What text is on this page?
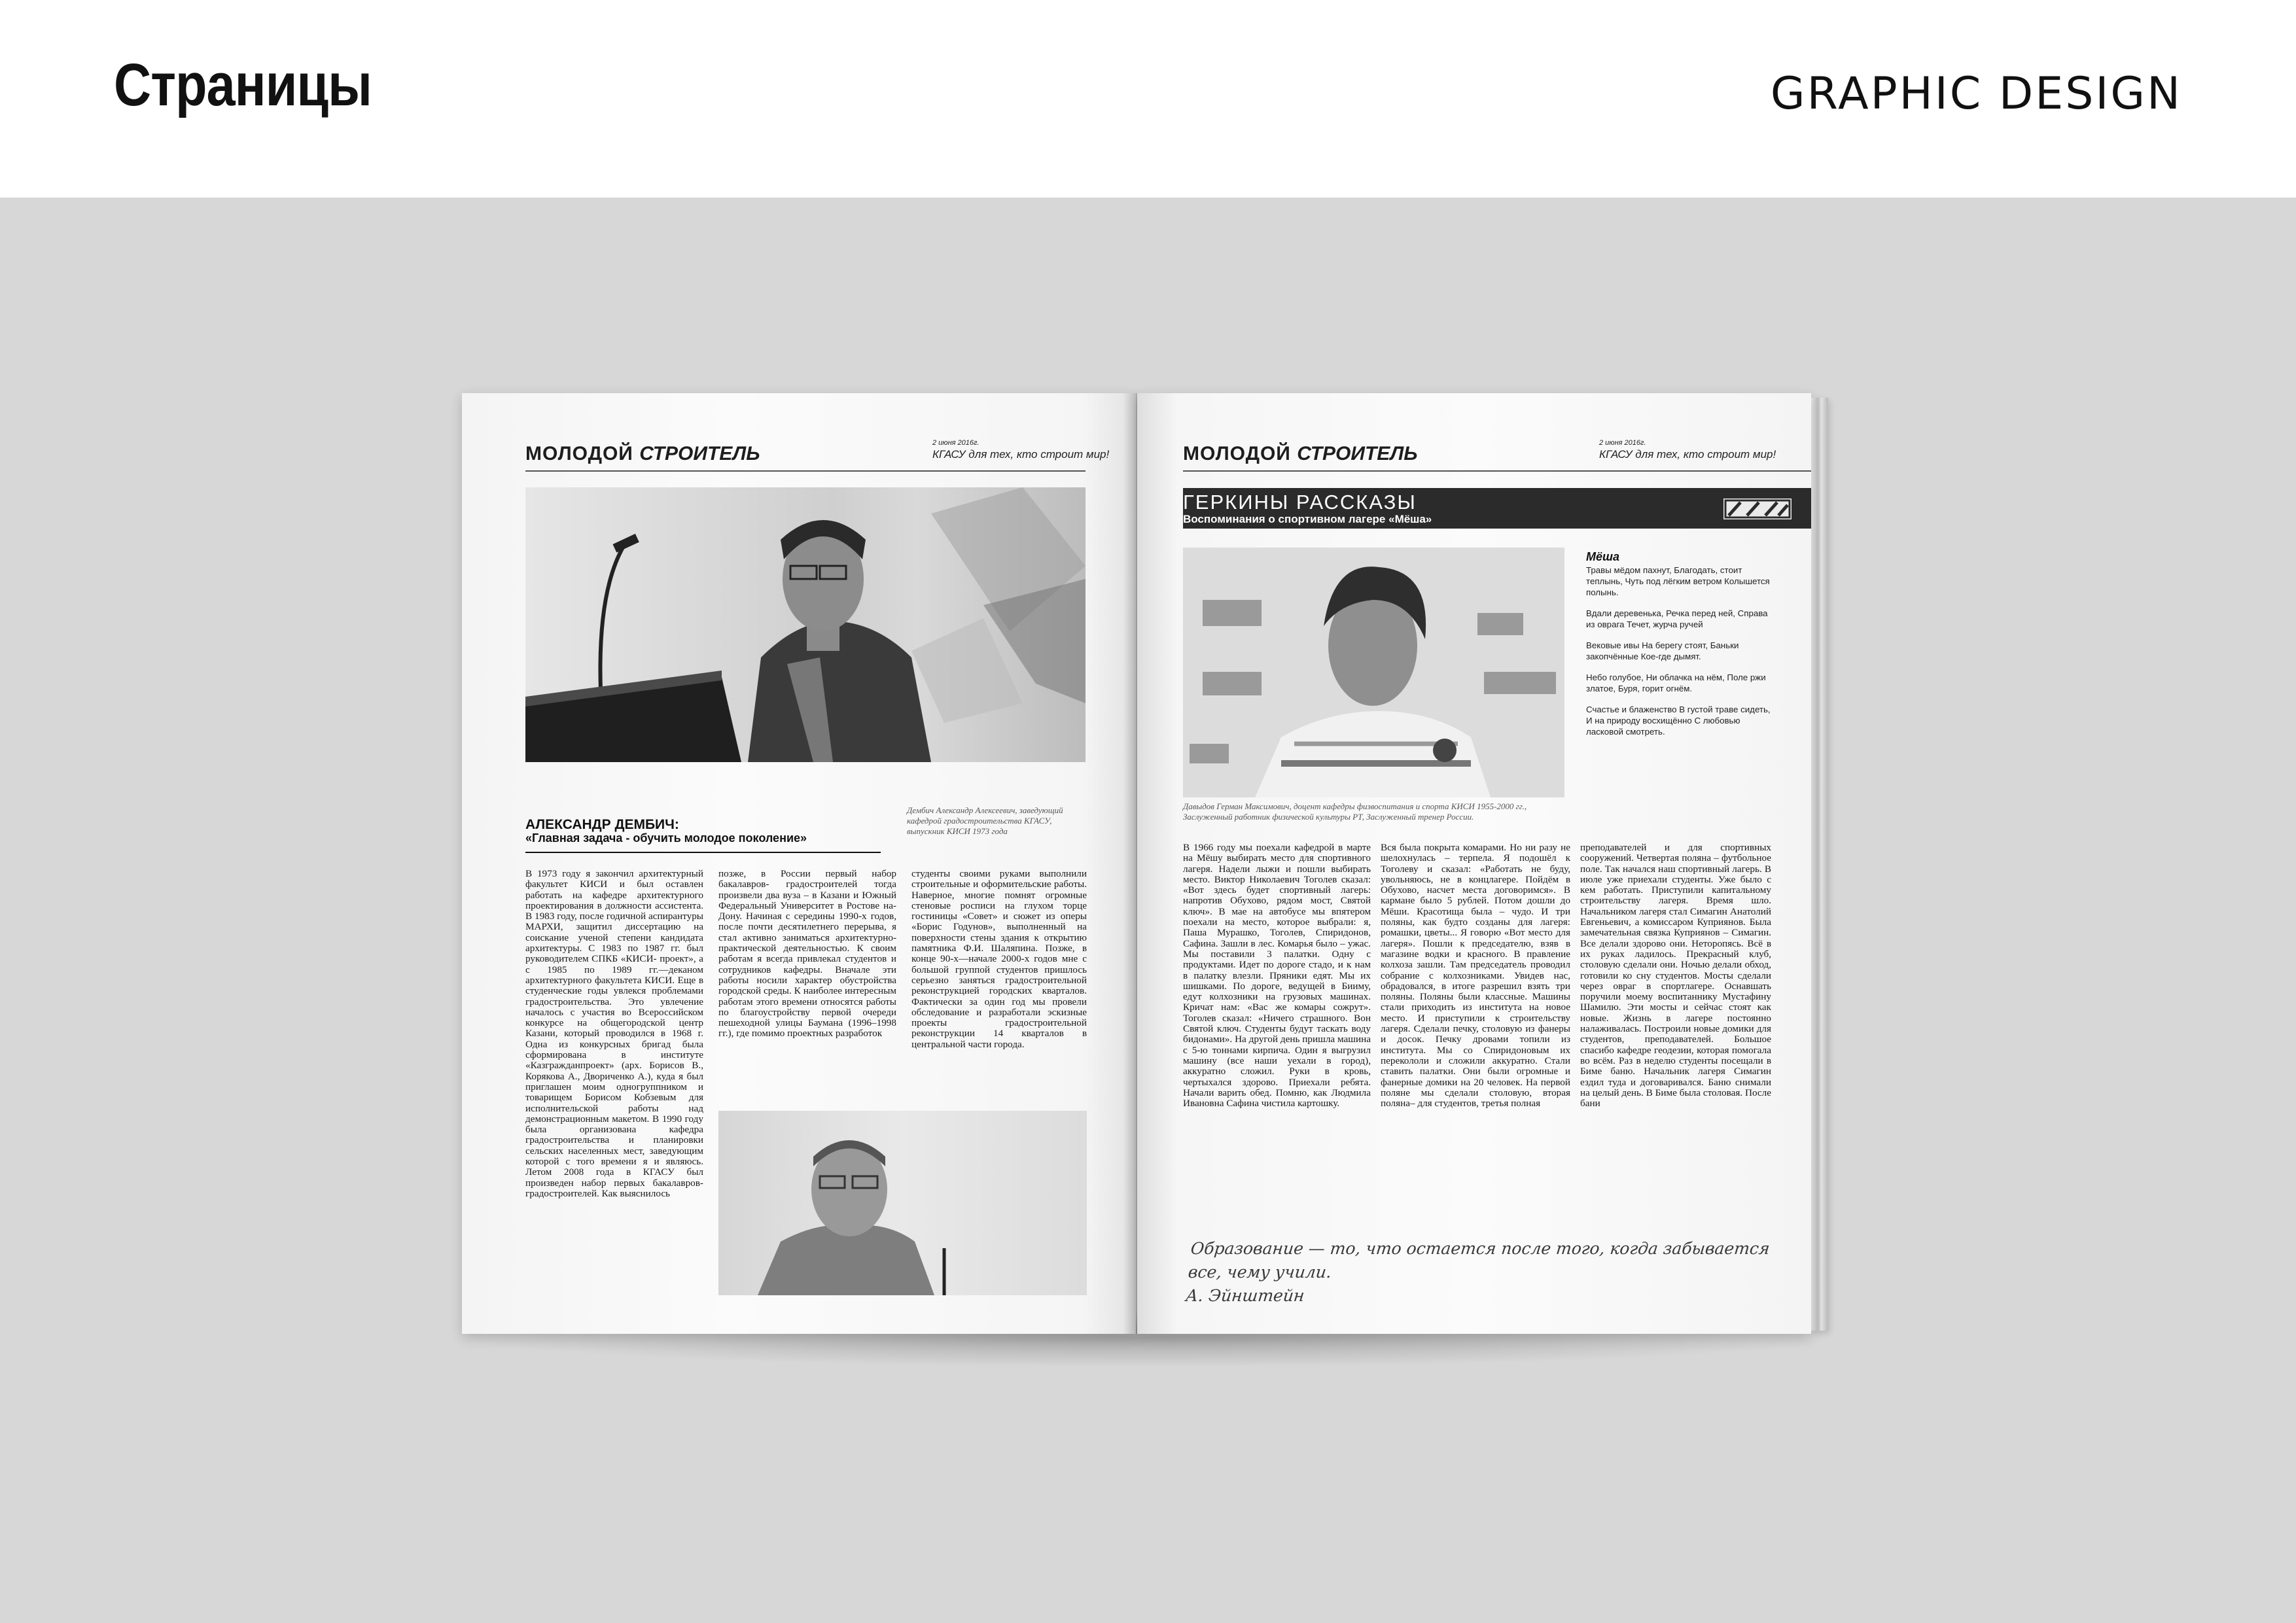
Страницы	GRAPHIC DESIGN
МОЛОДОЙ СТРОИТЕЛЬ	2 июня 2016г.
КГАСУ для тех, кто строит мир!
Дембич Александр Алексеевич, заведующий кафедрой градостроительства КГАСУ, выпускник КИСИ 1973 года
АЛЕКСАНДР ДЕМБИЧ:
«Главная задача - обучить молодое поколение»
В 1973 году я закончил архитектурный факультет КИСИ и был оставлен работать на кафедре архитектурного проектирования в должности ассистента. В 1983 году, после годичной аспирантуры МАРХИ, защитил диссертацию на соискание ученой степени кандидата архитектуры. С 1983 по 1987 гг. был руководителем СПКБ «КИСИ- проект», а с 1985 по 1989 гг.—деканом архитектурного факультета КИСИ. Еще в студенческие годы увлекся проблемами градостроительства. Это увлечение началось с участия во Всероссийском конкурсе на общегородской центр Казани, который проводился в 1968 г. Одна из конкурсных бригад была сформирована в институте «Казгражданпроект» (арх. Борисов В., Корякова А., Двориченко А.), куда я был приглашен моим одногруппником и товарищем Борисом Кобзевым для исполнительской работы над демонстрационным макетом. В 1990 году была организована кафедра градостроительства и планировки сельских населенных мест, заведующим которой с того времени я и являюсь. Летом 2008 года в КГАСУ был произведен набор первых бакалавров-градостроителей. Как выяснилось
позже, в России первый набор бакалавров- градостроителей тогда произвели два вуза – в Казани и Южный Федеральный Университет в Ростове на-Дону. Начиная с середины 1990-х годов, после почти десятилетнего перерыва, я стал активно заниматься архитектурно- практической деятельностью. К своим работам я всегда привлекал студентов и сотрудников кафедры. Вначале эти работы носили характер обустройства городской среды. К наиболее интересным работам этого времени относятся работы по благоустройству первой очереди пешеходной улицы Баумана (1996–1998 гг.), где помимо проектных разработок
студенты своими руками выполнили строительные и оформительские работы. Наверное, многие помнят огромные стеновые росписи на глухом торце гостиницы «Совет» и сюжет из оперы «Борис Годунов», выполненный на поверхности стены здания к открытию памятника Ф.И. Шаляпина. Позже, в конце 90-х—начале 2000-х годов мне с большой группой студентов пришлось серьезно заняться градостроительной реконструкцией городских кварталов. Фактически за один год мы провели обследование и разработали эскизные проекты градостроительной реконструкции 14 кварталов в центральной части города.
МОЛОДОЙ СТРОИТЕЛЬ	2 июня 2016г.
КГАСУ для тех, кто строит мир!
ГЕРКИНЫ РАССКАЗЫ
Воспоминания о спортивном лагере «Мёша»
Давыдов Герман Максимович, доцент кафедры физвоспитания и спорта КИСИ 1955-2000 гг., Заслуженный работник физической культуры РТ, Заслуженный тренер России.
Мёша

Травы мёдом пахнут, Благодать, стоит теплынь, Чуть под лёгким ветром Колышется полынь.

Вдали деревенька, Речка перед ней, Справа из оврага Течет, журча ручей

Вековые ивы На берегу стоят, Баньки закопчённые Кое-где дымят.

Небо голубое, Ни облачка на нём, Поле ржи златое, Буря, горит огнём.

Счастье и блаженство В густой траве сидеть, И на природу восхищённо С любовью ласковой смотреть.

В 1966 году мы поехали кафедрой в марте на Мёшу выбирать место для спортивного лагеря. Надели лыжи и пошли выбирать место. Виктор Николаевич Тоголев сказал: «Вот здесь будет спортивный лагерь: напротив Обухово, рядом мост, Святой ключ». В мае на автобусе мы впятером поехали на место, которое выбрали: я, Паша Мурашко, Тоголев, Спиридонов, Сафина. Зашли в лес. Комарья было – ужас. Мы поставили 3 палатки. Одну с продуктами. Идет по дороге стадо, и к нам в палатку влезли. Пряники едят. Мы их шишками. По дороге, ведущей в Бииму, едут колхозники на грузовых машинах. Кричат нам: «Вас же комары сожрут». Тоголев сказал: «Ничего страшного. Вон Святой ключ. Студенты будут таскать воду бидонами». На другой день пришла машина с 5-ю тоннами кирпича. Один я выгрузил машину (все наши уехали в город), аккуратно сложил. Руки в кровь, чертыхался здорово. Приехали ребята. Начали варить обед. Помню, как Людмила Ивановна Сафина чистила картошку.
Вся была покрыта комарами. Но ни разу не шелохнулась – терпела. Я подошёл к Тоголеву и сказал: «Работать не буду, увольняюсь, не в концлагере. Пойдём в Обухово, насчет места договоримся». В кармане было 5 рублей. Потом дошли до Мёши. Красотища была – чудо. И три поляны, как будто созданы для лагеря: ромашки, цветы... Я говорю «Вот место для лагеря». Пошли к председателю, взяв в магазине водки и красного. В правление колхоза зашли. Там председатель проводил собрание с колхозниками. Увидев нас, обрадовался, в итоге разрешил взять три поляны. Поляны были классные. Машины стали приходить из института на новое место. И приступили к строительству лагеря. Сделали печку, столовую из фанеры и досок. Печку дровами топили из института. Мы со Спиридоновым их перекололи и сложили аккуратно. Стали ставить палатки. Они были огромные и фанерные домики на 20 человек. На первой поляне мы сделали столовую, вторая поляна– для студентов, третья полная
преподавателей и для спортивных сооружений. Четвертая поляна – футбольное поле. Так начался наш спортивный лагерь. В июле уже приехали студенты. Уже было с кем работать. Приступили капитальному строительству лагеря. Время шло. Начальником лагеря стал Симагин Анатолий Евгеньевич, а комиссаром Куприянов. Была замечательная связка Куприянов – Симагин. Все делали здорово они. Неторопясь. Всё в их руках ладилось. Прекрасный клуб, столовую сделали они. Ночью делали обход, готовили ко сну студентов. Мосты сделали через овраг в спортлагере. Оснавшать поручили моему воспитаннику Мустафину Шамилю. Эти мосты и сейчас стоят как новые. Жизнь в лагере постоянно налаживалась. Построили новые домики для студентов, преподавателей. Большое спасибо кафедре геодезии, которая помогала во всём. Раз в неделю студенты посещали в Биме баню. Начальник лагеря Симагин ездил туда и договаривался. Баню снимали на целый день. В Биме была столовая. После бани
Образование — то, что остается после того, когда забывается все, чему учили.
А. Эйнштейн
